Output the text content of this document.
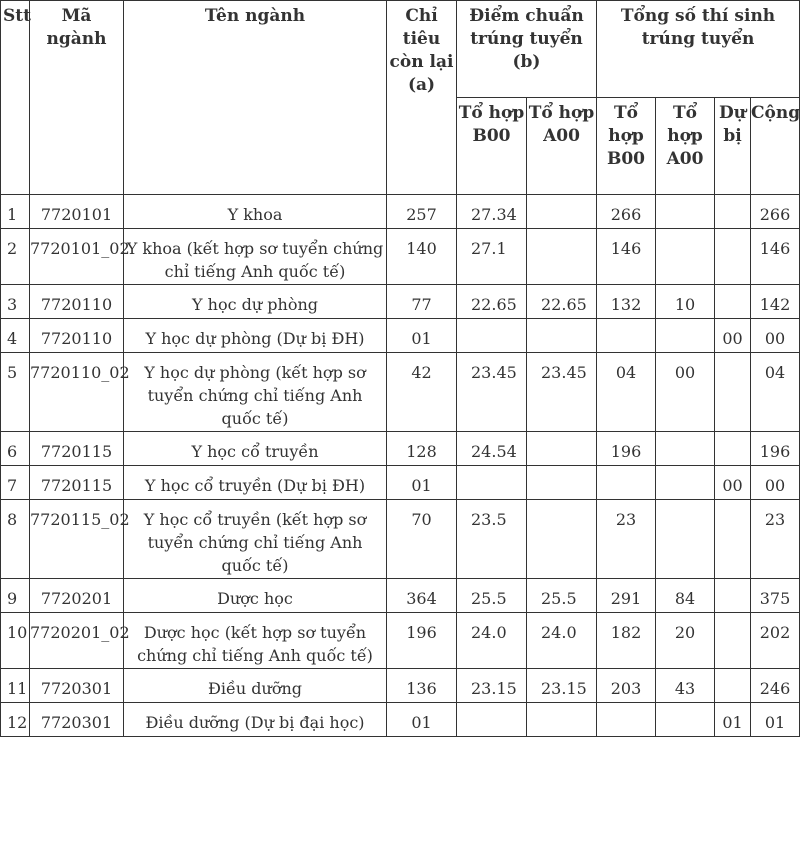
Stt	Mã ngành	Tên ngành	Chỉ tiêu còn lại (a)	Điểm chuẩn trúng tuyển (b)		Tổng số thí sinh trúng tuyển			
				Tổ hợp B00	Tổ hợp A00	Tổ hợp B00	Tổ hợp A00	Dự bị	Cộng
1	7720101	Y khoa	257	27.34		266			266
2	7720101_02	Y khoa (kết hợp sơ tuyển chứng chỉ tiếng Anh quốc tế)	140	27.1		146			146
3	7720110	Y học dự phòng	77	22.65	22.65	132	10		142
4	7720110	Y học dự phòng (Dự bị ĐH)	01					00	00
5	7720110_02	Y học dự phòng (kết hợp sơ tuyển chứng chỉ tiếng Anh quốc tế)	42	23.45	23.45	04	00		04
6	7720115	Y học cổ truyền	128	24.54		196			196
7	7720115	Y học cổ truyền (Dự bị ĐH)	01					00	00
8	7720115_02	Y học cổ truyền (kết hợp sơ tuyển chứng chỉ tiếng Anh quốc tế)	70	23.5		23			23
9	7720201	Dược học	364	25.5	25.5	291	84		375
10	7720201_02	Dược học (kết hợp sơ tuyển chứng chỉ tiếng Anh quốc tế)	196	24.0	24.0	182	20		202
11	7720301	Điều dưỡng	136	23.15	23.15	203	43		246
12	7720301	Điều dưỡng (Dự bị đại học)	01					01	01
